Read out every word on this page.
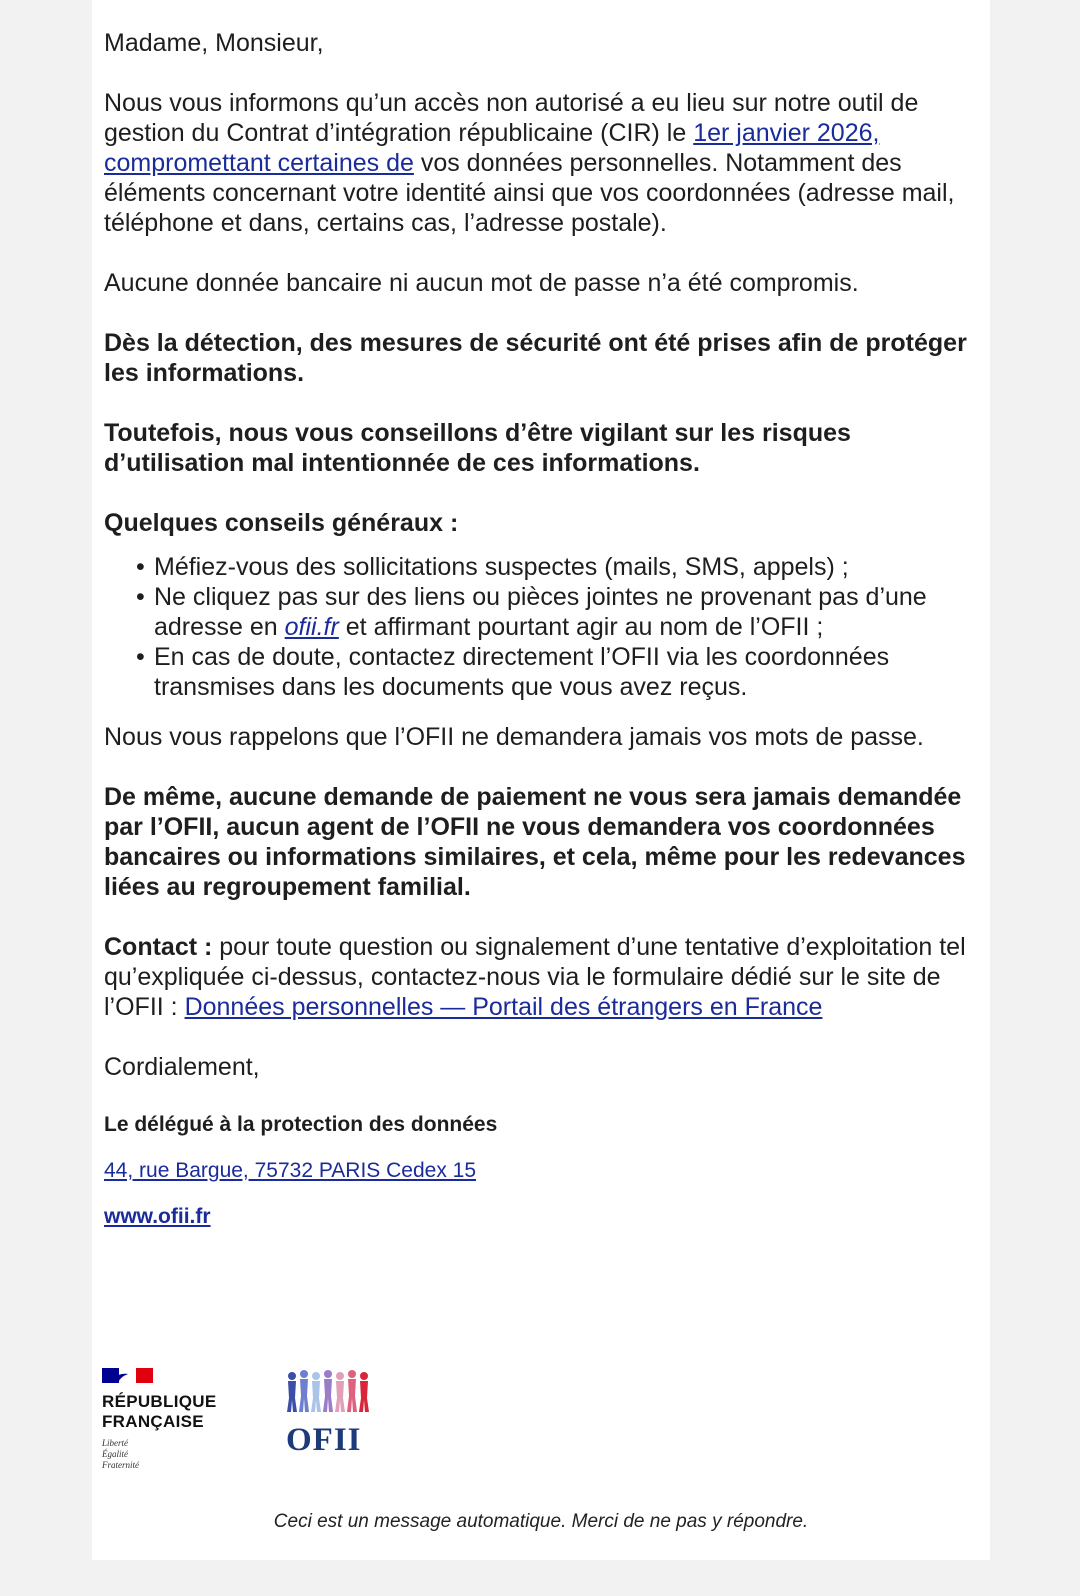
Madame, Monsieur,

Nous vous informons qu’un accès non autorisé a eu lieu sur notre outil de gestion du Contrat d’intégration républicaine (CIR) le 1er janvier 2026, compromettant certaines de vos données personnelles. Notamment des éléments concernant votre identité ainsi que vos coordonnées (adresse mail, téléphone et dans, certains cas, l’adresse postale).

Aucune donnée bancaire ni aucun mot de passe n’a été compromis.

Dès la détection, des mesures de sécurité ont été prises afin de protéger les informations.

Toutefois, nous vous conseillons d’être vigilant sur les risques d’utilisation mal intentionnée de ces informations.

Quelques conseils généraux :

• Méfiez-vous des sollicitations suspectes (mails, SMS, appels) ;
• Ne cliquez pas sur des liens ou pièces jointes ne provenant pas d’une adresse en ofii.fr et affirmant pourtant agir au nom de l’OFII ;
• En cas de doute, contactez directement l’OFII via les coordonnées transmises dans les documents que vous avez reçus.

Nous vous rappelons que l’OFII ne demandera jamais vos mots de passe.

De même, aucune demande de paiement ne vous sera jamais demandée par l’OFII, aucun agent de l’OFII ne vous demandera vos coordonnées bancaires ou informations similaires, et cela, même pour les redevances liées au regroupement familial.

Contact : pour toute question ou signalement d’une tentative d’exploitation tel qu’expliquée ci-dessus, contactez-nous via le formulaire dédié sur le site de l’OFII : Données personnelles — Portail des étrangers en France

Cordialement,

Le délégué à la protection des données

44, rue Bargue, 75732 PARIS Cedex 15

www.ofii.fr

RÉPUBLIQUE
FRANÇAISE
Liberté
Égalité
Fraternité
OFII
Ceci est un message automatique. Merci de ne pas y répondre.
